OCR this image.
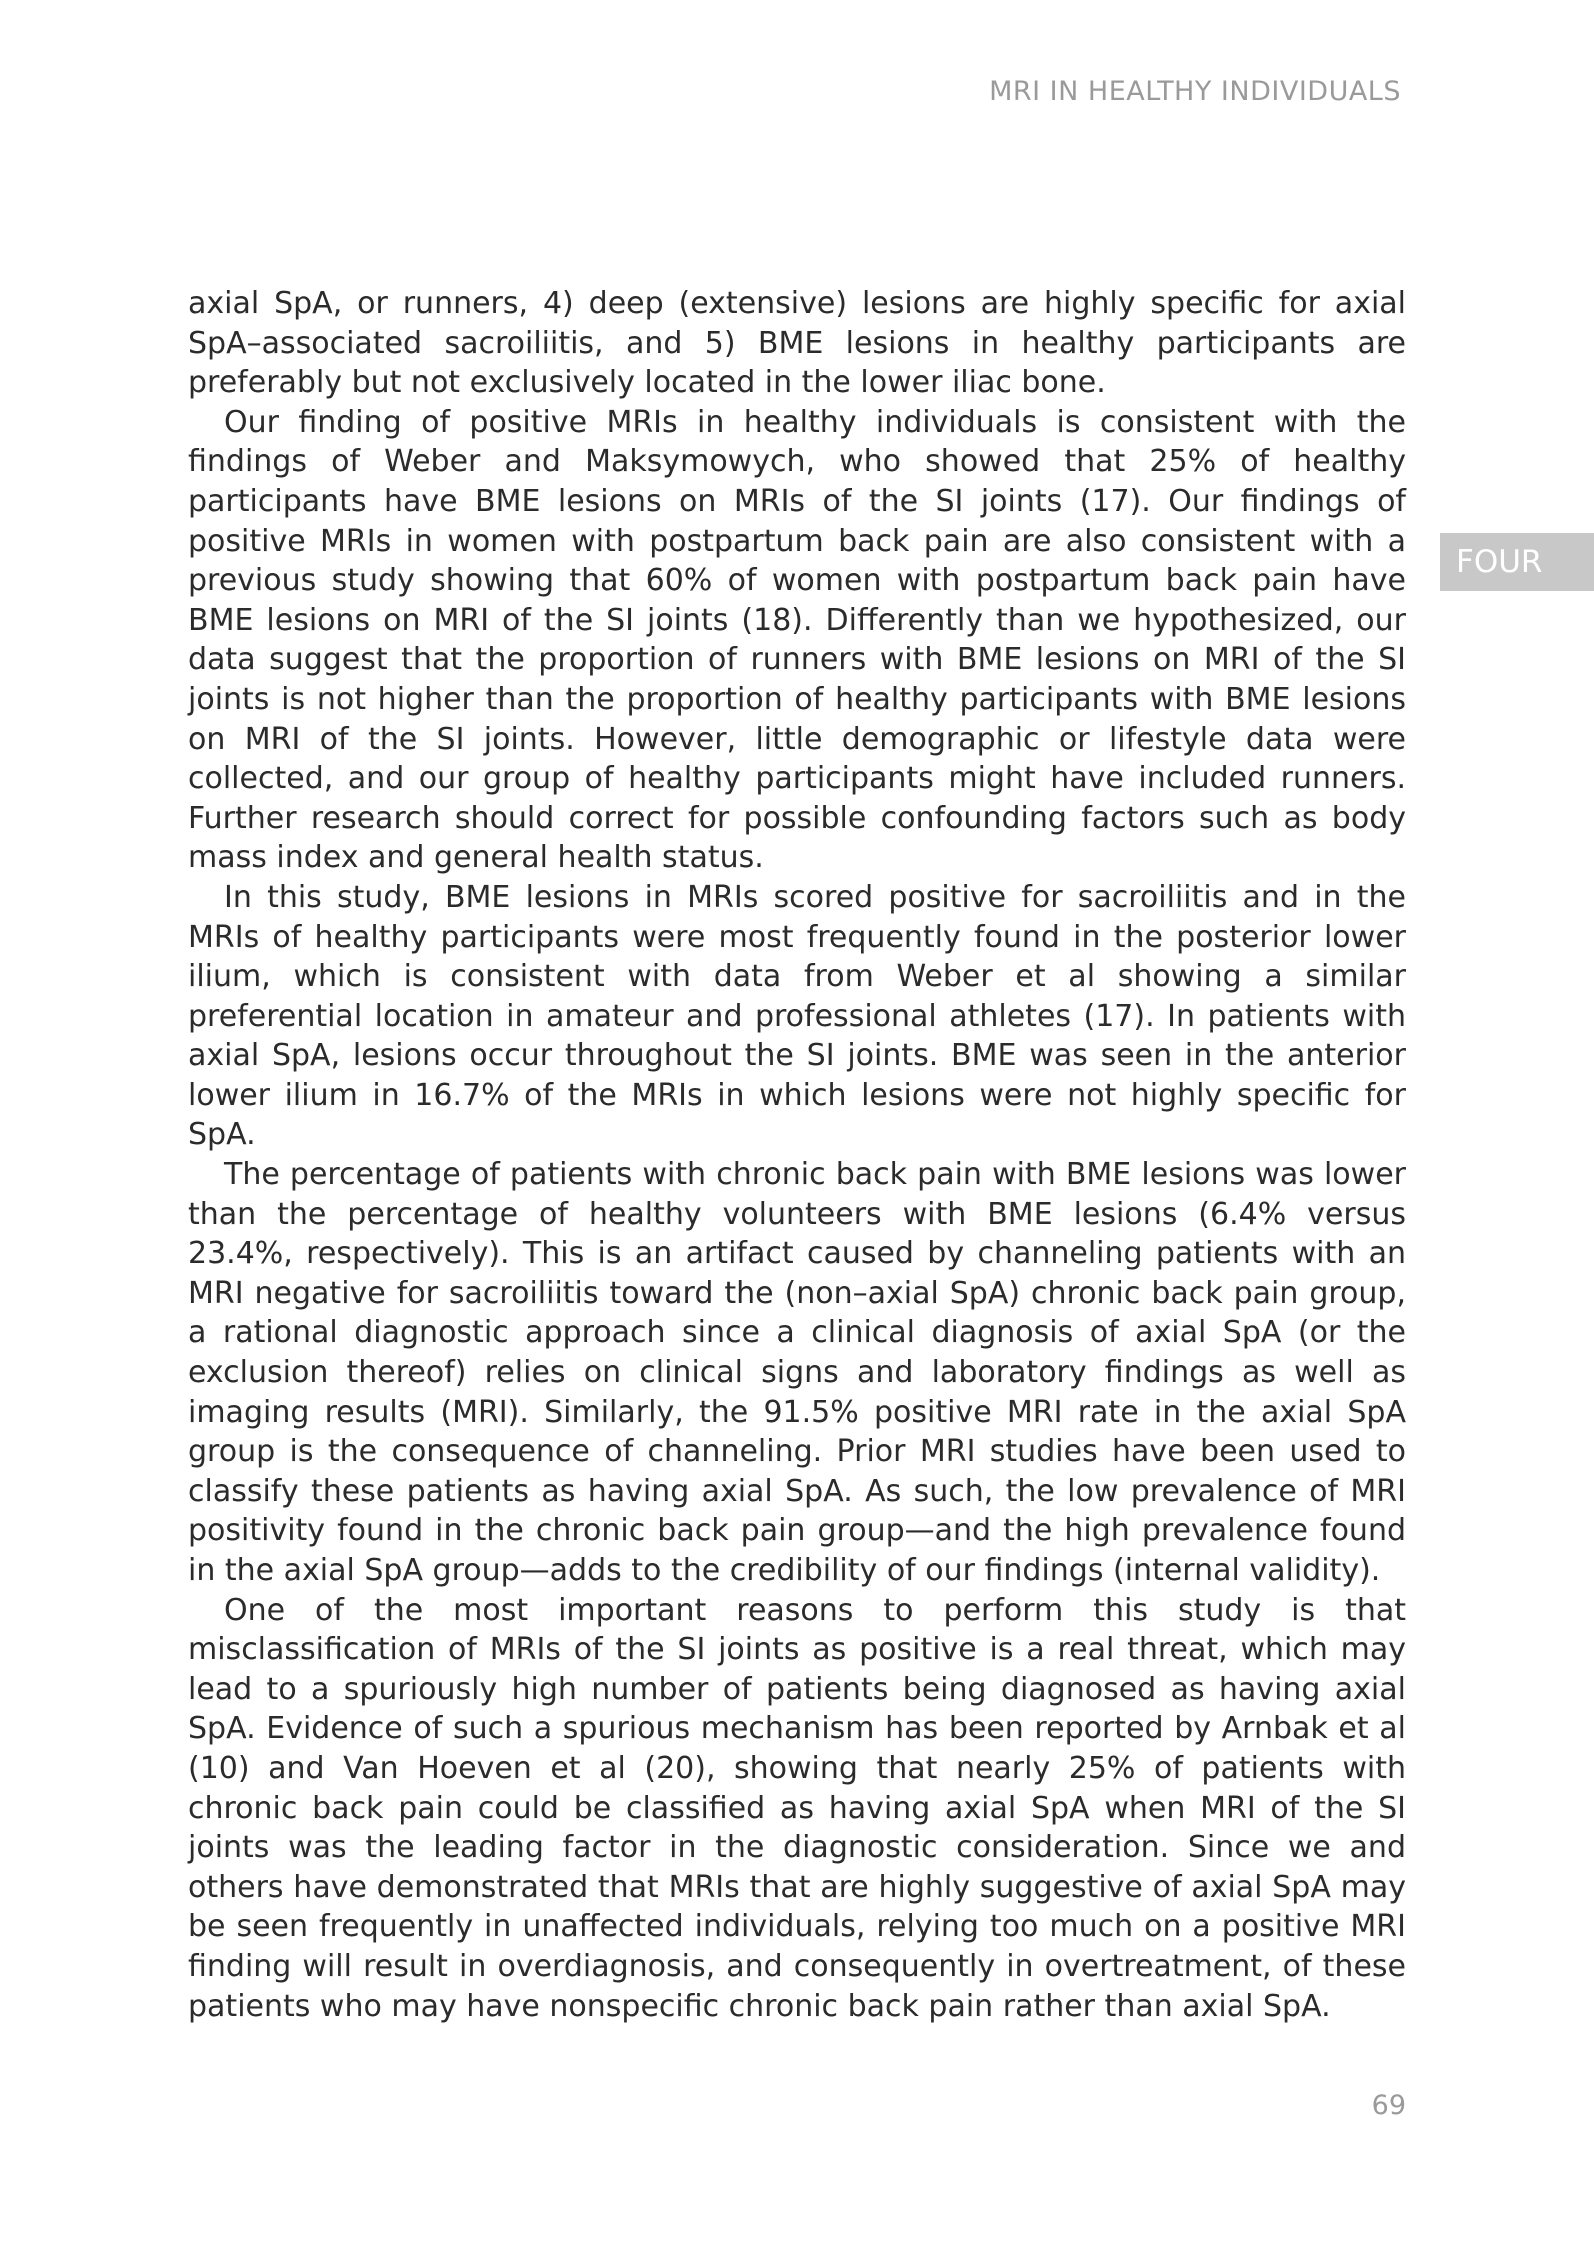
MRI IN HEALTHY INDIVIDUALS
FOUR

axial SpA, or runners, 4) deep (extensive) lesions are highly specific for axial SpA–associated sacroiliitis, and 5) BME lesions in healthy participants are preferably but not exclusively located in the lower iliac bone.

Our finding of positive MRIs in healthy individuals is consistent with the findings of Weber and Maksymowych, who showed that 25% of healthy participants have BME lesions on MRIs of the SI joints (17). Our findings of positive MRIs in women with postpartum back pain are also consistent with a previous study showing that 60% of women with postpartum back pain have BME lesions on MRI of the SI joints (18). Differently than we hypothesized, our data suggest that the proportion of runners with BME lesions on MRI of the SI joints is not higher than the proportion of healthy participants with BME lesions on MRI of the SI joints. However, little demographic or lifestyle data were collected, and our group of healthy participants might have included runners. Further research should correct for possible confounding factors such as body mass index and general health status.

In this study, BME lesions in MRIs scored positive for sacroiliitis and in the MRIs of healthy participants were most frequently found in the posterior lower ilium, which is consistent with data from Weber et al showing a similar preferential location in amateur and professional athletes (17). In patients with axial SpA, lesions occur throughout the SI joints. BME was seen in the anterior lower ilium in 16.7% of the MRIs in which lesions were not highly specific for SpA.

The percentage of patients with chronic back pain with BME lesions was lower than the percentage of healthy volunteers with BME lesions (6.4% versus 23.4%, respectively). This is an artifact caused by channeling patients with an MRI negative for sacroiliitis toward the (non–axial SpA) chronic back pain group, a rational diagnostic approach since a clinical diagnosis of axial SpA (or the exclusion thereof) relies on clinical signs and laboratory findings as well as imaging results (MRI). Similarly, the 91.5% positive MRI rate in the axial SpA group is the consequence of channeling. Prior MRI studies have been used to classify these patients as having axial SpA. As such, the low prevalence of MRI positivity found in the chronic back pain group—and the high prevalence found in the axial SpA group—adds to the credibility of our findings (internal validity).

One of the most important reasons to perform this study is that misclassification of MRIs of the SI joints as positive is a real threat, which may lead to a spuriously high number of patients being diagnosed as having axial SpA. Evidence of such a spurious mechanism has been reported by Arnbak et al (10) and Van Hoeven et al (20), showing that nearly 25% of patients with chronic back pain could be classified as having axial SpA when MRI of the SI joints was the leading factor in the diagnostic consideration. Since we and others have demonstrated that MRIs that are highly suggestive of axial SpA may be seen frequently in unaffected individuals, relying too much on a positive MRI finding will result in overdiagnosis, and consequently in overtreatment, of these patients who may have nonspecific chronic back pain rather than axial SpA.

69
